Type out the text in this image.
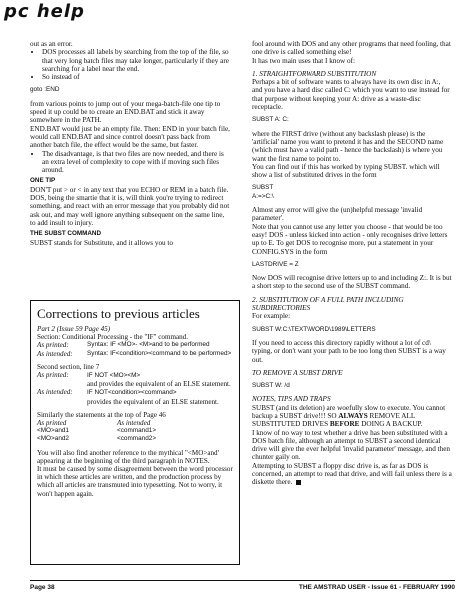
pc help

out as an error.

• DOS processes all labels by searching from the top of the file, so that very long batch files may take longer, particularly if they are searching for a label near the end.
• So instead of

goto :END

from various points to jump out of your mega-batch-file one tip to speed it up could be to create an END.BAT and stick it away somewhere in the PATH.

END.BAT would just be an empty file. Then: END in your batch file, would call END.BAT and since control doesn't pass back from another batch file, the effect would be the same, but faster.

• The disadvantage, is that two files are now needed, and there is an extra level of complexity to cope with if moving such files around.

ONE TIP

DON'T put > or < in any text that you ECHO or REM in a batch file. DOS, being the smartie that it is, will think you're trying to redirect something, and react with an error message that you probably did not ask out, and may well ignore anything subsequent on the same line, to add insult to injury.

THE SUBST COMMAND

SUBST stands for Substitute, and it allows you to

Corrections to previous articles

Part 2 (Issue 59 Page 45)

Section: Conditional Processing - the "IF" command.

As printed:	Syntax: IF <MO>- <M>and to be performed
As intended:	Syntax: IF<condition><command to be performed>

Second section, line 7

As printed:	IF NOT <MO><M>
and provides the equivalent of an ELSE statement.
As intended:	IF NOT<condition><command>
provides the equivalent of an ELSE statement.

Similarly the statements at the top of Page 46

As printed	As intended
<MO>and1	<command1>
<MO>and2	<command2>

You will also find another reference to the mythical "<MO>and' appearing at the beginning of the third paragraph in NOTES.

It must be caused by some disagreement between the word processor in which these articles are written, and the production process by which all articles are transmuted into typesetting. Not to worry, it won't happen again.

fool around with DOS and any other programs that need fooling, that one drive is called something else!

It has two main uses that I know of:

1. STRAIGHTFORWARD SUBSTITUTION

Perhaps a bit of software wants to always have its own disc in A:, and you have a hard disc called C: which you want to use instead for that purpose without keeping your A: drive as a waste-disc receptacle.

SUBST A: C:

where the FIRST drive (without any backslash please) is the 'artificial' name you want to pretend it has and the SECOND name (which must have a valid path - hence the backslash) is where you want the first name to point to.

You can find out if this has worked by typing SUBST. which will show a list of substituted drives in the form

SUBST

A:=>C:\

Almost any error will give the (un)helpful message 'invalid parameter'.

Note that you cannot use any letter you choose - that would be too easy! DOS - unless kicked into action - only recognises drive letters up to E. To get DOS to recognise more, put a statement in your CONFIG.SYS in the form

LASTDRIVE = Z

Now DOS will recognise drive letters up to and including Z:. It is but a short step to the second use of the SUBST command.

2. SUBSTITUTION OF A FULL PATH INCLUDING SUBDIRECTORIES

For example:

SUBST W:C:\TEXT\WORD\1989\LETTERS

If you need to access this directory rapidly without a lot of cd\ typing, or don't want your path to be too long then SUBST is a way out.

TO REMOVE A SUBST DRIVE

SUBST W: /d

NOTES, TIPS AND TRAPS

SUBST (and its deletion) are woefully slow to execute. You cannot backup a SUBST drive!!! SO ALWAYS REMOVE ALL SUBSTITUTED DRIVES BEFORE DOING A BACKUP.

I know of no way to test whether a drive has been substituted with a DOS batch file, although an attempt to SUBST a second identical drive will give the ever helpful 'invalid parameter' message, and then chunter gaily on.

Attempting to SUBST a floppy disc drive is, as far as DOS is concerned, an attempt to read that drive, and will fail unless there is a diskette there.

Page 38	THE AMSTRAD USER - Issue 61 - FEBRUARY 1990
